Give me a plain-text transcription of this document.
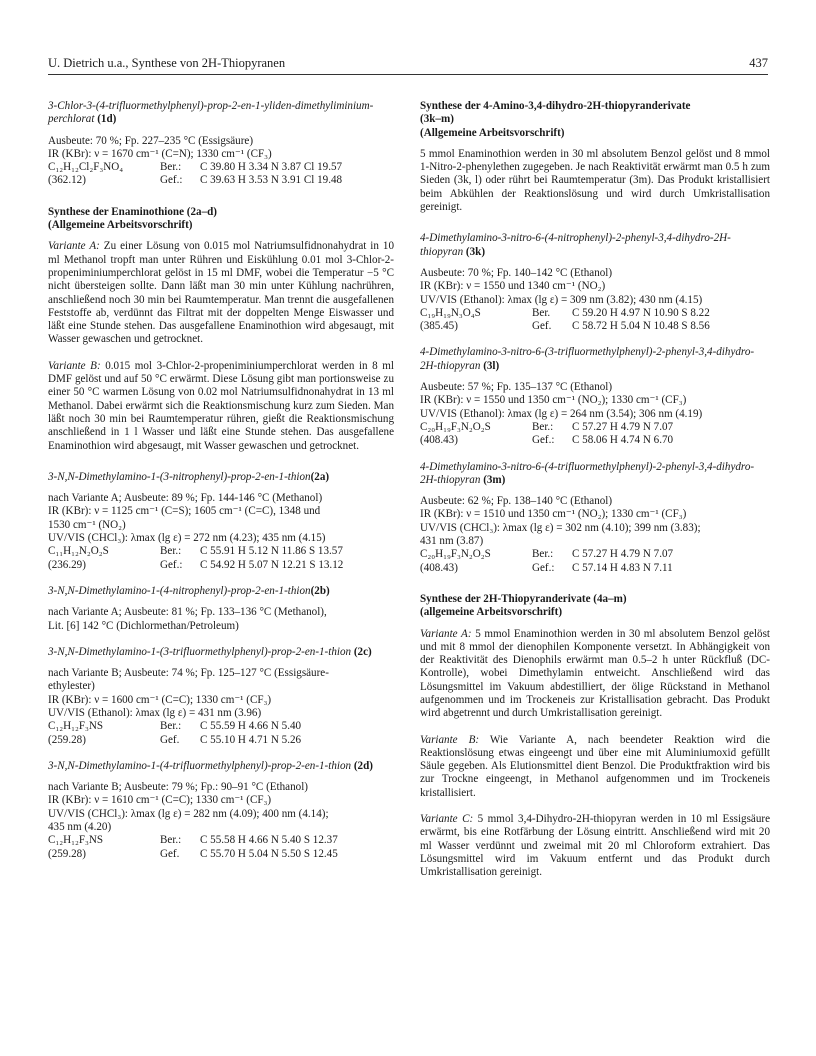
U. Dietrich u.a., Synthese von 2H-Thiopyranen	437
3-Chlor-3-(4-trifluormethylphenyl)-prop-2-en-1-yliden-dimethyliminium-perchlorat (1d)
Ausbeute: 70 %; Fp. 227–235 °C (Essigsäure)
IR (KBr): ν = 1670 cm⁻¹ (C=N); 1330 cm⁻¹ (CF₃)
C₁₂H₁₂Cl₂F₃NO₄	Ber.:	C 39.80 H 3.34 N 3.87 Cl 19.57
(362.12)	Gef.:	C 39.63 H 3.53 N 3.91 Cl 19.48
Synthese der Enaminothione (2a–d)
(Allgemeine Arbeitsvorschrift)
Variante A: Zu einer Lösung von 0.015 mol Natriumsulfidnonahydrat in 10 ml Methanol tropft man unter Rühren und Eiskühlung 0.01 mol 3-Chlor-2-propeniminiumperchlorat gelöst in 15 ml DMF, wobei die Temperatur −5 °C nicht übersteigen sollte. Dann läßt man 30 min unter Kühlung nachrühren, anschließend noch 30 min bei Raumtemperatur. Man trennt die ausgefallenen Feststoffe ab, verdünnt das Filtrat mit der doppelten Menge Eiswasser und läßt eine Stunde stehen. Das ausgefallene Enaminothion wird abgesaugt, mit Wasser gewaschen und getrocknet.
Variante B: 0.015 mol 3-Chlor-2-propeniminiumperchlorat werden in 8 ml DMF gelöst und auf 50 °C erwärmt. Diese Lösung gibt man portionsweise zu einer 50 °C warmen Lösung von 0.02 mol Natriumsulfidnonahydrat in 13 ml Methanol. Dabei erwärmt sich die Reaktionsmischung kurz zum Sieden. Man läßt noch 30 min bei Raumtemperatur rühren, gießt die Reaktionsmischung anschließend in 1 l Wasser und läßt eine Stunde stehen. Das ausgefallene Enaminothion wird abgesaugt, mit Wasser gewaschen und getrocknet.
3-N,N-Dimethylamino-1-(3-nitrophenyl)-prop-2-en-1-thion(2a)
nach Variante A; Ausbeute: 89 %; Fp. 144-146 °C (Methanol)
IR (KBr): ν = 1125 cm⁻¹ (C=S); 1605 cm⁻¹ (C=C), 1348 und
1530 cm⁻¹ (NO₂)
UV/VIS (CHCl₃): λmax (lg ε) = 272 nm (4.23); 435 nm (4.15)
C₁₁H₁₂N₂O₂S	Ber.:	C 55.91 H 5.12 N 11.86 S 13.57
(236.29)	Gef.:	C 54.92 H 5.07 N 12.21 S 13.12
3-N,N-Dimethylamino-1-(4-nitrophenyl)-prop-2-en-1-thion(2b)
nach Variante A; Ausbeute: 81 %; Fp. 133–136 °C (Methanol),
Lit. [6] 142 °C (Dichlormethan/Petroleum)
3-N,N-Dimethylamino-1-(3-trifluormethylphenyl)-prop-2-en-1-thion (2c)
nach Variante B; Ausbeute: 74 %; Fp. 125–127 °C (Essigsäure-
ethylester)
IR (KBr): ν = 1600 cm⁻¹ (C=C); 1330 cm⁻¹ (CF₃)
UV/VIS (Ethanol): λmax (lg ε) = 431 nm (3.96)
C₁₂H₁₂F₃NS	Ber.:	C 55.59 H 4.66 N 5.40
(259.28)	Gef.	C 55.10 H 4.71 N 5.26
3-N,N-Dimethylamino-1-(4-trifluormethylphenyl)-prop-2-en-1-thion (2d)
nach Variante B; Ausbeute: 79 %; Fp.: 90–91 °C (Ethanol)
IR (KBr): ν = 1610 cm⁻¹ (C=C); 1330 cm⁻¹ (CF₃)
UV/VIS (CHCl₃): λmax (lg ε) = 282 nm (4.09); 400 nm (4.14);
435 nm (4.20)
C₁₂H₁₂F₃NS	Ber.:	C 55.58 H 4.66 N 5.40 S 12.37
(259.28)	Gef.	C 55.70 H 5.04 N 5.50 S 12.45
Synthese der 4-Amino-3,4-dihydro-2H-thiopyranderivate
(3k–m)
(Allgemeine Arbeitsvorschrift)
5 mmol Enaminothion werden in 30 ml absolutem Benzol gelöst und 8 mmol 1-Nitro-2-phenylethen zugegeben. Je nach Reaktivität erwärmt man 0.5 h zum Sieden (3k, l) oder rührt bei Raumtemperatur (3m). Das Produkt kristallisiert beim Abkühlen der Reaktionslösung und wird durch Umkristallisation gereinigt.
4-Dimethylamino-3-nitro-6-(4-nitrophenyl)-2-phenyl-3,4-dihydro-2H-thiopyran (3k)
Ausbeute: 70 %; Fp. 140–142 °C (Ethanol)
IR (KBr): ν = 1550 und 1340 cm⁻¹ (NO₂)
UV/VIS (Ethanol): λmax (lg ε) = 309 nm (3.82); 430 nm (4.15)
C₁₉H₁₉N₃O₄S	Ber.	C 59.20 H 4.97 N 10.90 S 8.22
(385.45)	Gef.	C 58.72 H 5.04 N 10.48 S 8.56
4-Dimethylamino-3-nitro-6-(3-trifluormethylphenyl)-2-phenyl-3,4-dihydro-2H-thiopyran (3l)
Ausbeute: 57 %; Fp. 135–137 °C (Ethanol)
IR (KBr): ν = 1550 und 1350 cm⁻¹ (NO₂); 1330 cm⁻¹ (CF₃)
UV/VIS (Ethanol): λmax (lg ε) = 264 nm (3.54); 306 nm (4.19)
C₂₀H₁₉F₃N₂O₂S	Ber.:	C 57.27 H 4.79 N 7.07
(408.43)	Gef.:	C 58.06 H 4.74 N 6.70
4-Dimethylamino-3-nitro-6-(4-trifluormethylphenyl)-2-phenyl-3,4-dihydro-2H-thiopyran (3m)
Ausbeute: 62 %; Fp. 138–140 °C (Ethanol)
IR (KBr): ν = 1510 und 1350 cm⁻¹ (NO₂); 1330 cm⁻¹ (CF₃)
UV/VIS (CHCl₃): λmax (lg ε) = 302 nm (4.10); 399 nm (3.83);
431 nm (3.87)
C₂₀H₁₉F₃N₂O₂S	Ber.:	C 57.27 H 4.79 N 7.07
(408.43)	Gef.:	C 57.14 H 4.83 N 7.11
Synthese der 2H-Thiopyranderivate (4a–m)
(allgemeine Arbeitsvorschrift)
Variante A: 5 mmol Enaminothion werden in 30 ml absolutem Benzol gelöst und mit 8 mmol der dienophilen Komponente versetzt. In Abhängigkeit von der Reaktivität des Dienophils erwärmt man 0.5–2 h unter Rückfluß (DC-Kontrolle), wobei Dimethylamin entweicht. Anschließend wird das Lösungsmittel im Vakuum abdestilliert, der ölige Rückstand in Methanol aufgenommen und im Trockeneis zur Kristallisation gebracht. Das Produkt wird abgetrennt und durch Umkristallisation gereinigt.
Variante B: Wie Variante A, nach beendeter Reaktion wird die Reaktionslösung etwas eingeengt und über eine mit Aluminiumoxid gefüllt Säule gegeben. Als Elutionsmittel dient Benzol. Die Produktfraktion wird bis zur Trockne eingeengt, in Methanol aufgenommen und im Trockeneis kristallisiert.
Variante C: 5 mmol 3,4-Dihydro-2H-thiopyran werden in 10 ml Essigsäure erwärmt, bis eine Rotfärbung der Lösung eintritt. Anschließend wird mit 20 ml Wasser verdünnt und zweimal mit 20 ml Chloroform extrahiert. Das Lösungsmittel wird im Vakuum entfernt und das Produkt durch Umkristallisation gereinigt.
